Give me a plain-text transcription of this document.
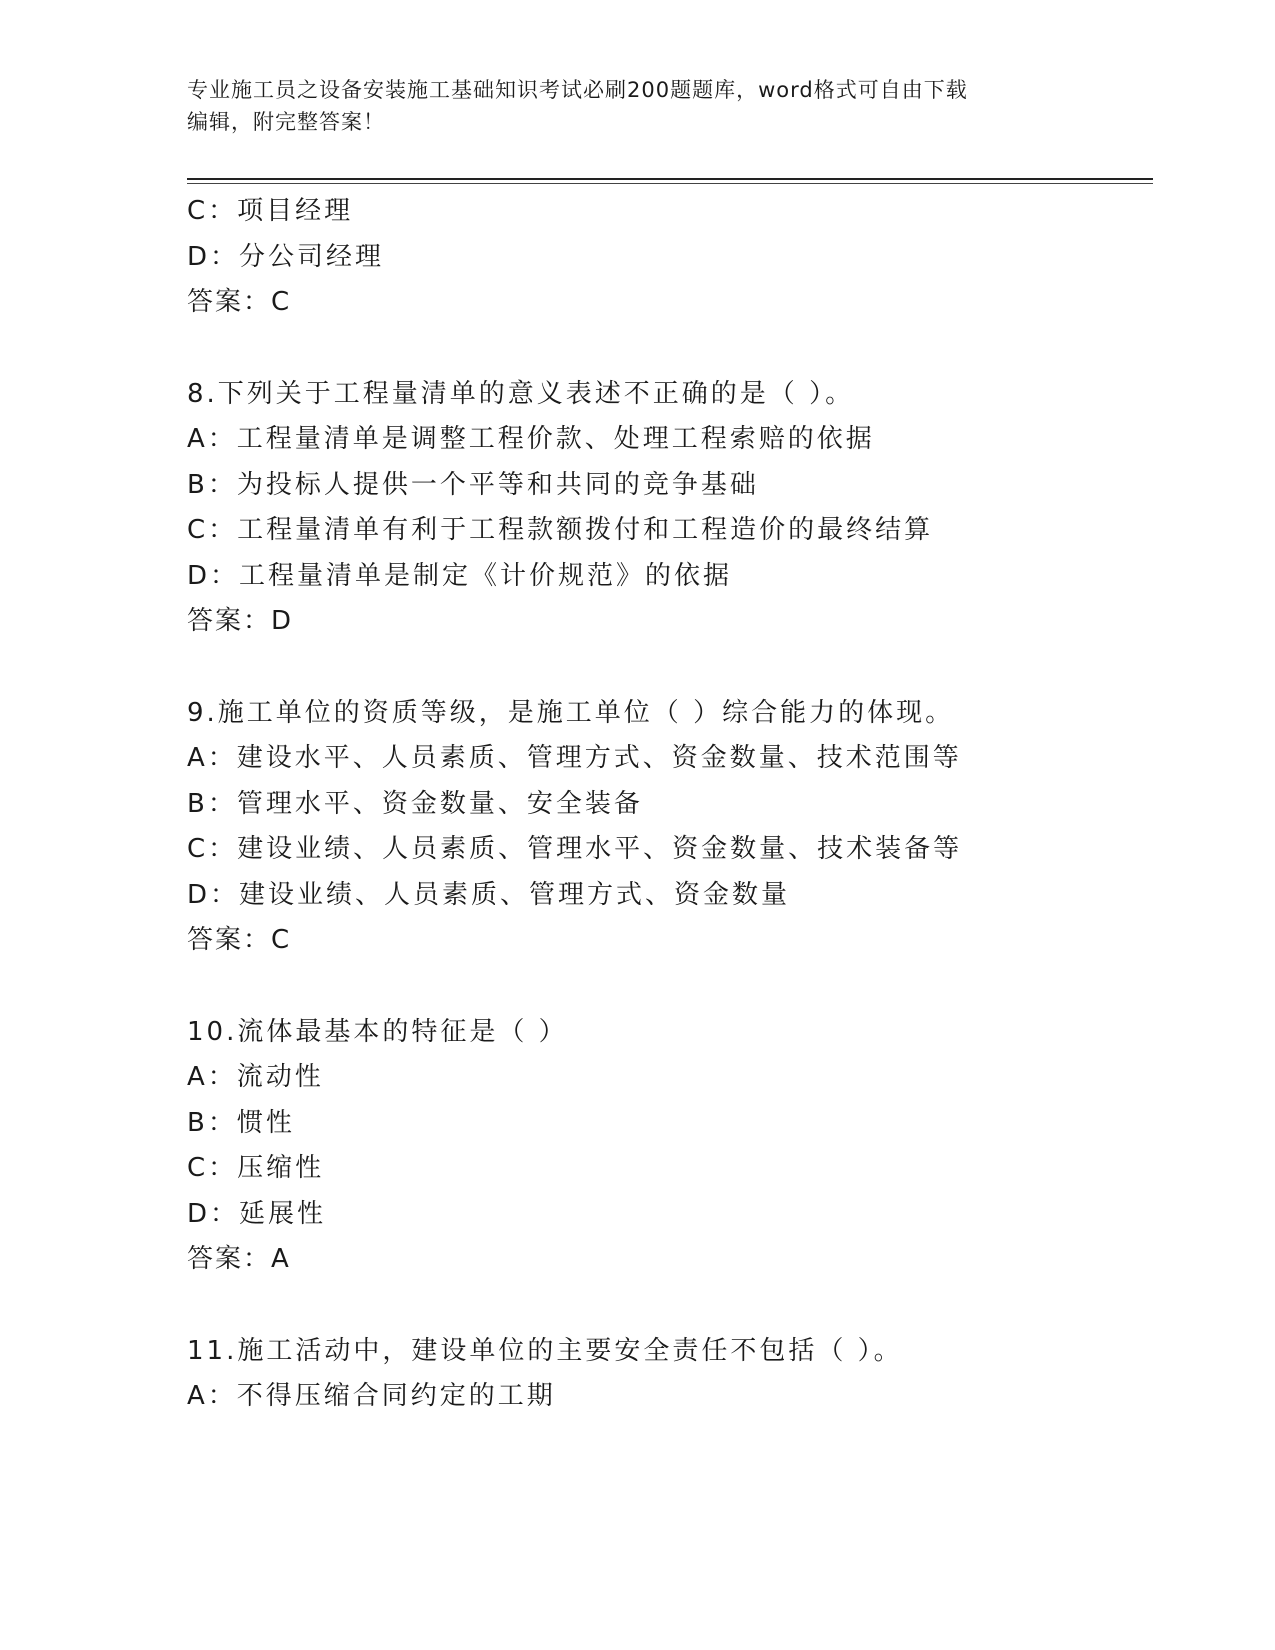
专业施工员之设备安装施工基础知识考试必刷200题题库，word格式可自由下载
编辑，附完整答案！
C：项目经理
D：分公司经理
答案：C
8.下列关于工程量清单的意义表述不正确的是（ ）。
A：工程量清单是调整工程价款、处理工程索赔的依据
B：为投标人提供一个平等和共同的竞争基础
C：工程量清单有利于工程款额拨付和工程造价的最终结算
D：工程量清单是制定《计价规范》的依据
答案：D
9.施工单位的资质等级，是施工单位（ ）综合能力的体现。
A：建设水平、人员素质、管理方式、资金数量、技术范围等
B：管理水平、资金数量、安全装备
C：建设业绩、人员素质、管理水平、资金数量、技术装备等
D：建设业绩、人员素质、管理方式、资金数量
答案：C
10.流体最基本的特征是（ ）
A：流动性
B：惯性
C：压缩性
D：延展性
答案：A
11.施工活动中，建设单位的主要安全责任不包括（ ）。
A：不得压缩合同约定的工期
